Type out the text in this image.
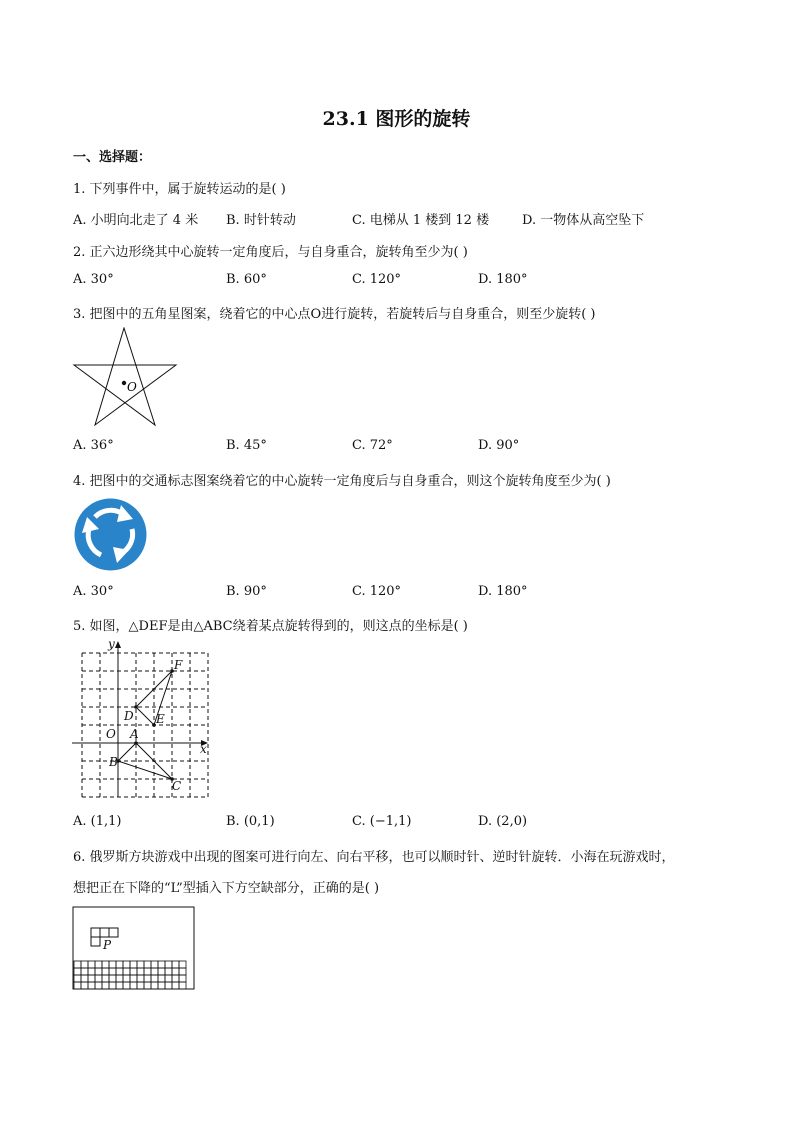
23.1 图形的旋转
一、选择题：
1. 下列事件中，属于旋转运动的是( )
A. 小明向北走了 4 米 B. 时针转动	C. 电梯从 1 楼到 12 楼	D. 一物体从高空坠下
2. 正六边形绕其中心旋转一定角度后，与自身重合，旋转角至少为( )
A. 30°	B. 60°	C. 120°	D. 180°
3. 把图中的五角星图案，绕着它的中心点O进行旋转，若旋转后与自身重合，则至少旋转( )
O
A. 36°	B. 45°	C. 72°	D. 90°
4. 把图中的交通标志图案绕着它的中心旋转一定角度后与自身重合，则这个旋转角度至少为( )
A. 30°	B. 90°	C. 120°	D. 180°
5. 如图，△DEF是由△ABC绕着某点旋转得到的，则这点的坐标是( )
y
x
O A
B
C
D E
F
A. (1,1)	B. (0,1)	C. (−1,1)	D. (2,0)
6. 俄罗斯方块游戏中出现的图案可进行向左、向右平移，也可以顺时针、逆时针旋转．小海在玩游戏时，
想把正在下降的“L”型插入下方空缺部分，正确的是( )
P
